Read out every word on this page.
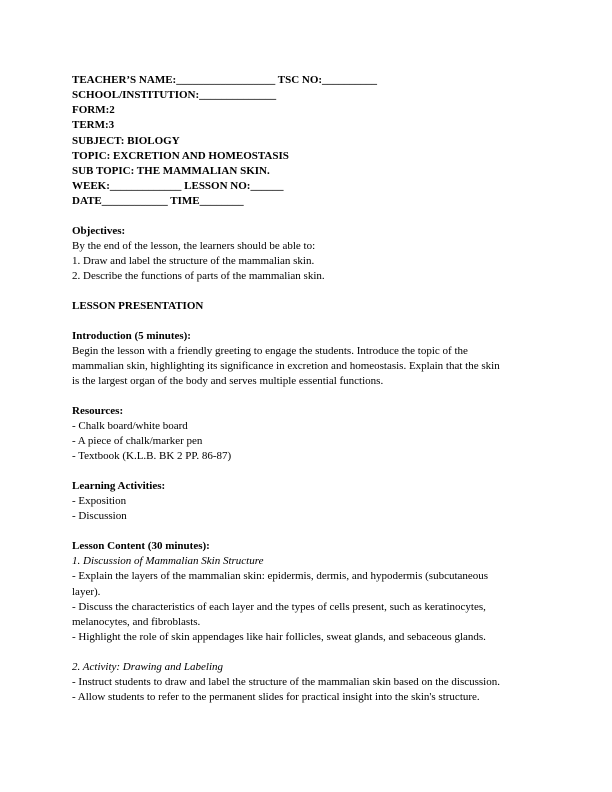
TEACHER’S NAME:__________________ TSC NO:__________
SCHOOL/INSTITUTION:______________
FORM:2
TERM:3
SUBJECT: BIOLOGY
TOPIC: EXCRETION AND HOMEOSTASIS
SUB TOPIC: THE MAMMALIAN SKIN.
WEEK:_____________ LESSON NO:______
DATE____________ TIME________
Objectives:
By the end of the lesson, the learners should be able to:
1. Draw and label the structure of the mammalian skin.
2. Describe the functions of parts of the mammalian skin.
LESSON PRESENTATION
Introduction (5 minutes):
Begin the lesson with a friendly greeting to engage the students. Introduce the topic of the
mammalian skin, highlighting its significance in excretion and homeostasis. Explain that the skin
is the largest organ of the body and serves multiple essential functions.
Resources:
- Chalk board/white board
- A piece of chalk/marker pen
- Textbook (K.L.B. BK 2 PP. 86-87)
Learning Activities:
- Exposition
- Discussion
Lesson Content (30 minutes):
1. Discussion of Mammalian Skin Structure
- Explain the layers of the mammalian skin: epidermis, dermis, and hypodermis (subcutaneous
layer).
- Discuss the characteristics of each layer and the types of cells present, such as keratinocytes,
melanocytes, and fibroblasts.
- Highlight the role of skin appendages like hair follicles, sweat glands, and sebaceous glands.
2. Activity: Drawing and Labeling
- Instruct students to draw and label the structure of the mammalian skin based on the discussion.
- Allow students to refer to the permanent slides for practical insight into the skin's structure.
